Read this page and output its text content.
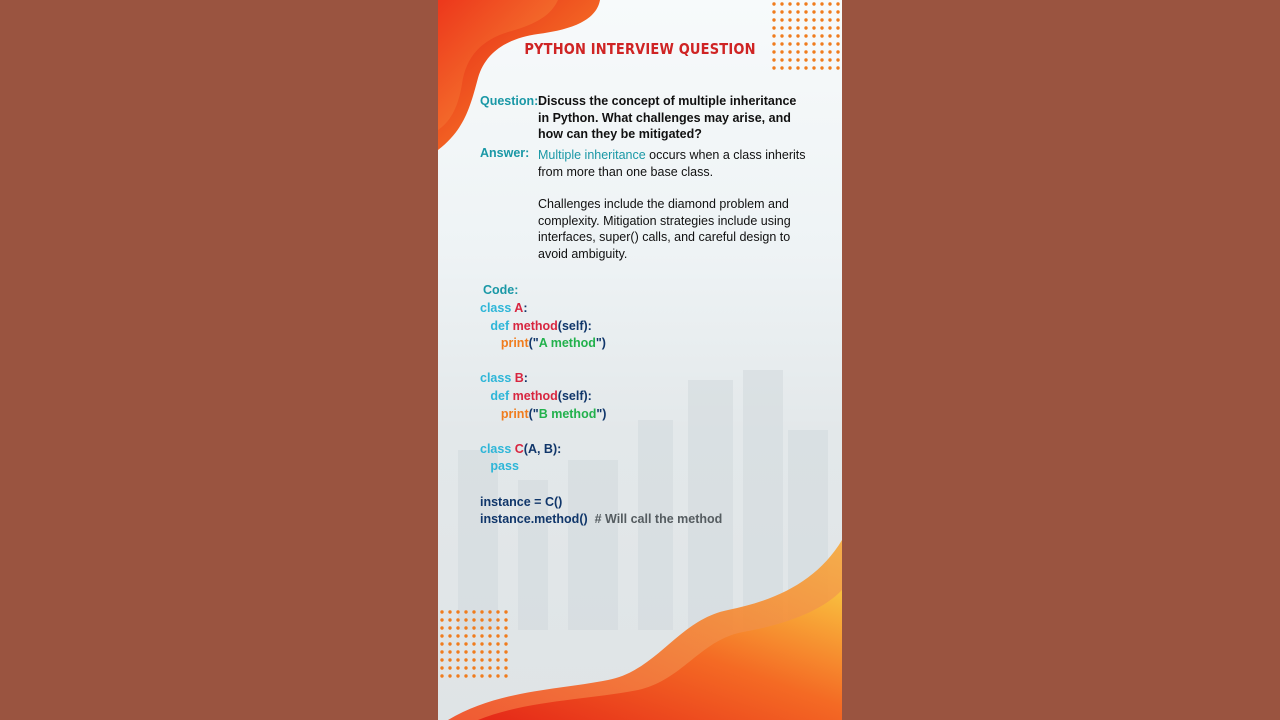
PYTHON INTERVIEW QUESTION
Question: Discuss the concept of multiple inheritance in Python. What challenges may arise, and how can they be mitigated?
Answer: Multiple inheritance occurs when a class inherits from more than one base class.
Challenges include the diamond problem and complexity. Mitigation strategies include using interfaces, super() calls, and careful design to avoid ambiguity.
Code:
class A:
def method(self):
print("A method")
class B:
def method(self):
print("B method")
class C(A, B):
pass
instance = C()
instance.method()  # Will call the method
